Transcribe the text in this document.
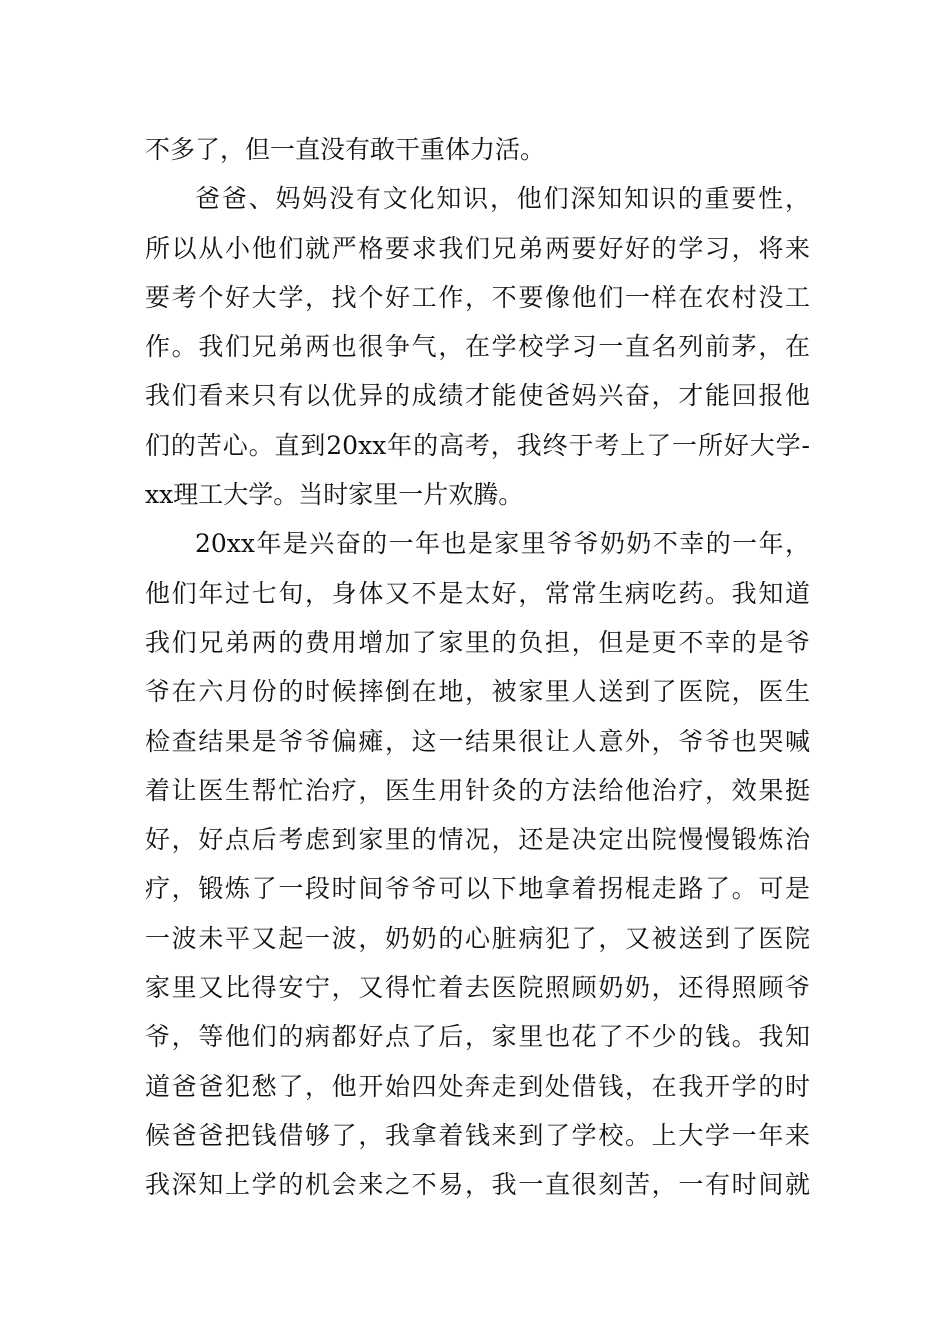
不多了，但一直没有敢干重体力活。
爸爸、妈妈没有文化知识，他们深知知识的重要性，
所以从小他们就严格要求我们兄弟两要好好的学习，将来
要考个好大学，找个好工作，不要像他们一样在农村没工
作。我们兄弟两也很争气，在学校学习一直名列前茅，在
我们看来只有以优异的成绩才能使爸妈兴奋，才能回报他
们的苦心。直到20xx年的高考，我终于考上了一所好大学-
xx理工大学。当时家里一片欢腾。
20xx年是兴奋的一年也是家里爷爷奶奶不幸的一年，
他们年过七旬，身体又不是太好，常常生病吃药。我知道
我们兄弟两的费用增加了家里的负担，但是更不幸的是爷
爷在六月份的时候摔倒在地，被家里人送到了医院，医生
检查结果是爷爷偏瘫，这一结果很让人意外，爷爷也哭喊
着让医生帮忙治疗，医生用针灸的方法给他治疗，效果挺
好，好点后考虑到家里的情况，还是决定出院慢慢锻炼治
疗，锻炼了一段时间爷爷可以下地拿着拐棍走路了。可是
一波未平又起一波，奶奶的心脏病犯了，又被送到了医院
家里又比得安宁，又得忙着去医院照顾奶奶，还得照顾爷
爷，等他们的病都好点了后，家里也花了不少的钱。我知
道爸爸犯愁了，他开始四处奔走到处借钱，在我开学的时
候爸爸把钱借够了，我拿着钱来到了学校。上大学一年来
我深知上学的机会来之不易，我一直很刻苦，一有时间就
